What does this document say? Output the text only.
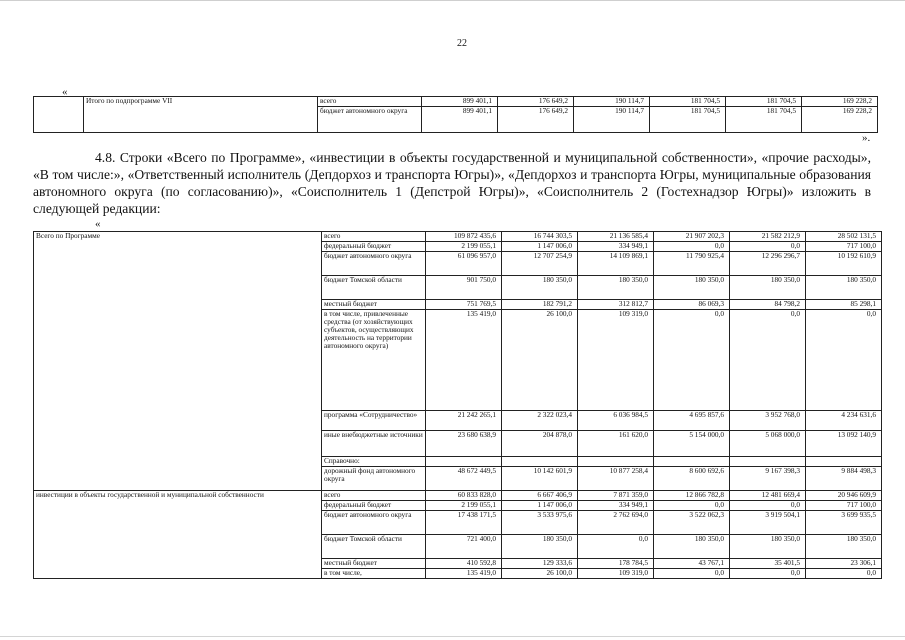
22
«
	Итого по подпрограмме VII	всего	899 401,1	176 649,2	190 114,7	181 704,5	181 704,5	169 228,2
		бюджет автономного округа	899 401,1	176 649,2	190 114,7	181 704,5	181 704,5	169 228,2
».
4.8. Строки «Всего по Программе», «инвестиции в объекты государственной и муниципальной собственности», «прочие расходы», «В том числе:», «Ответственный исполнитель (Депдорхоз и транспорта Югры)», «Депдорхоз и транспорта Югры, муниципальные образования автономного округа (по согласованию)», «Соисполнитель 1 (Депстрой Югры)», «Соисполнитель 2 (Гостехнадзор Югры)» изложить в следующей редакции:
«
Всего по Программе	всего	109 872 435,6	16 744 303,5	21 136 585,4	21 907 202,3	21 582 212,9	28 502 131,5
	федеральный бюджет	2 199 055,1	1 147 006,0	334 949,1	0,0	0,0	717 100,0
	бюджет автономного округа	61 096 957,0	12 707 254,9	14 109 869,1	11 790 925,4	12 296 296,7	10 192 610,9
	бюджет Томской области	901 750,0	180 350,0	180 350,0	180 350,0	180 350,0	180 350,0
	местный бюджет	751 769,5	182 791,2	312 812,7	86 069,3	84 798,2	85 298,1
	в том числе, привлеченные средства (от хозяйствующих субъектов, осуществляющих деятельность на территории автономного округа)	135 419,0	26 100,0	109 319,0	0,0	0,0	0,0
	программа «Сотрудничество»	21 242 265,1	2 322 023,4	6 036 984,5	4 695 857,6	3 952 768,0	4 234 631,6
	иные внебюджетные источники	23 680 638,9	204 878,0	161 620,0	5 154 000,0	5 068 000,0	13 092 140,9
	Справочно:						
	дорожный фонд автономного округа	48 672 449,5	10 142 601,9	10 877 258,4	8 600 692,6	9 167 398,3	9 884 498,3
инвестиции в объекты государственной и муниципальной собственности	всего	60 833 828,0	6 667 406,9	7 871 359,0	12 866 782,8	12 481 669,4	20 946 609,9
	федеральный бюджет	2 199 055,1	1 147 006,0	334 949,1	0,0	0,0	717 100,0
	бюджет автономного округа	17 438 171,5	3 533 975,6	2 762 694,0	3 522 062,3	3 919 504,1	3 699 935,5
	бюджет Томской области	721 400,0	180 350,0	0,0	180 350,0	180 350,0	180 350,0
	местный бюджет	410 592,8	129 333,6	178 784,5	43 767,1	35 401,5	23 306,1
	в том числе,	135 419,0	26 100,0	109 319,0	0,0	0,0	0,0
